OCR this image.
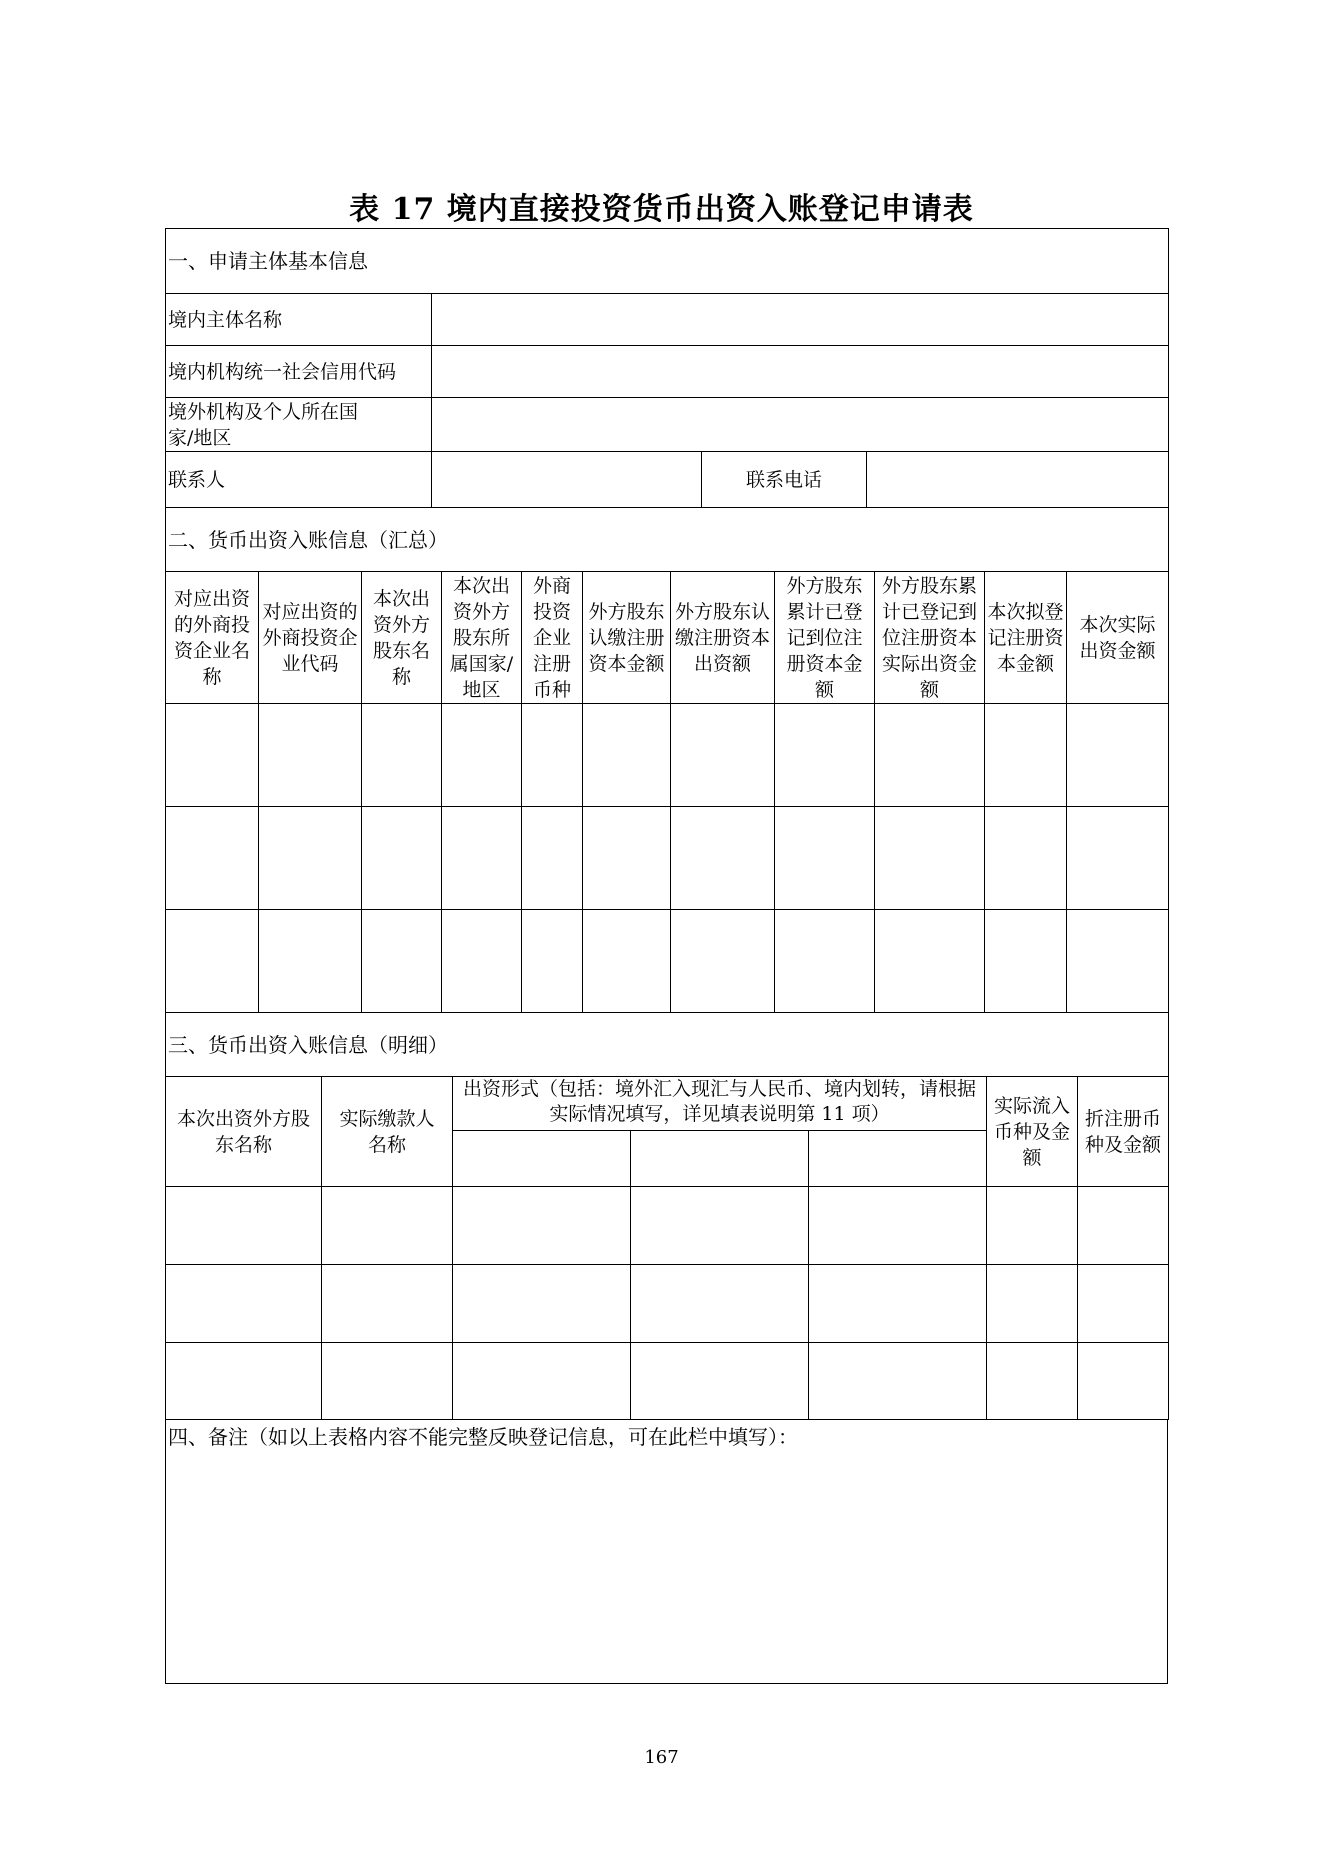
表 17 境内直接投资货币出资入账登记申请表
一、申请主体基本信息			
境内主体名称			
境内机构统一社会信用代码			
境外机构及个人所在国家/地区			
联系人		联系电话	
二、货币出资入账信息（汇总）										

对应出资的外商投资企业名称	对应出资的外商投资企业代码	本次出资外方股东名称	本次出资外方股东所属国家/地区	外商投资企业注册币种	外方股东认缴注册资本金额	外方股东认缴注册资本出资额	外方股东累计已登记到位注册资本金额	外方股东累计已登记到位注册资本实际出资金额	本次拟登记注册资本金额	本次实际出资金额

三、货币出资入账信息（明细）						

本次出资外方股东名称	实际缴款人名称	出资形式（包括：境外汇入现汇与人民币、境内划转，请根据实际情况填写，详见填表说明第 11 项）			实际流入币种及金额	折注册币种及金额

四、备注（如以上表格内容不能完整反映登记信息，可在此栏中填写）：
167
